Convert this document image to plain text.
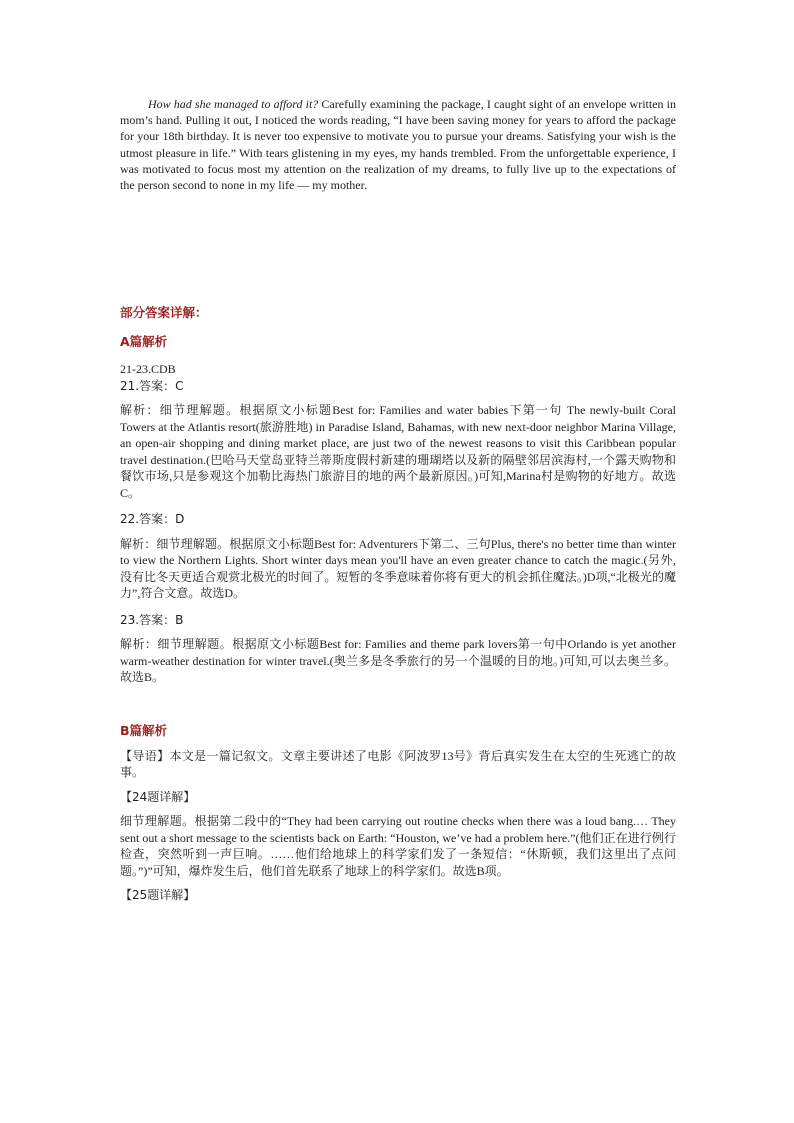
How had she managed to afford it? Carefully examining the package, I caught sight of an envelope written in mom’s hand. Pulling it out, I noticed the words reading, “I have been saving money for years to afford the package for your 18th birthday. It is never too expensive to motivate you to pursue your dreams. Satisfying your wish is the utmost pleasure in life.” With tears glistening in my eyes, my hands trembled. From the unforgettable experience, I was motivated to focus most my attention on the realization of my dreams, to fully live up to the expectations of the person second to none in my life — my mother.

部分答案详解：

A篇解析

21-23.CDB

21.答案：C

解析：细节理解题。根据原文小标题Best for: Families and water babies下第一句 The newly-built Coral Towers at the Atlantis resort(旅游胜地) in Paradise Island, Bahamas, with new next-door neighbor Marina Village, an open-air shopping and dining market place, are just two of the newest reasons to visit this Caribbean popular travel destination.(巴哈马天堂岛亚特兰蒂斯度假村新建的珊瑚塔以及新的隔壁邻居滨海村,一个露天购物和餐饮市场,只是参观这个加勒比海热门旅游目的地的两个最新原因。)可知,Marina村是购物的好地方。故选C。

22.答案：D

解析：细节理解题。根据原文小标题Best for: Adventurers下第二、三句Plus, there's no better time than winter to view the Northern Lights. Short winter days mean you'll have an even greater chance to catch the magic.(另外,没有比冬天更适合观赏北极光的时间了。短暂的冬季意味着你将有更大的机会抓住魔法。)D项,“北极光的魔力”,符合文意。故选D。

23.答案：B

解析：细节理解题。根据原文小标题Best for: Families and theme park lovers第一句中Orlando is yet another warm-weather destination for winter travel.(奥兰多是冬季旅行的另一个温暖的目的地。)可知,可以去奥兰多。故选B。

B篇解析

【导语】本文是一篇记叙文。文章主要讲述了电影《阿波罗13号》背后真实发生在太空的生死逃亡的故事。

【24题详解】

细节理解题。根据第二段中的“They had been carrying out routine checks when there was a loud bang.… They sent out a short message to the scientists back on Earth: “Houston, we’ve had a problem here.”(他们正在进行例行检查，突然听到一声巨响。……他们给地球上的科学家们发了一条短信：“休斯顿，我们这里出了点问题。”)”可知，爆炸发生后，他们首先联系了地球上的科学家们。故选B项。

【25题详解】
